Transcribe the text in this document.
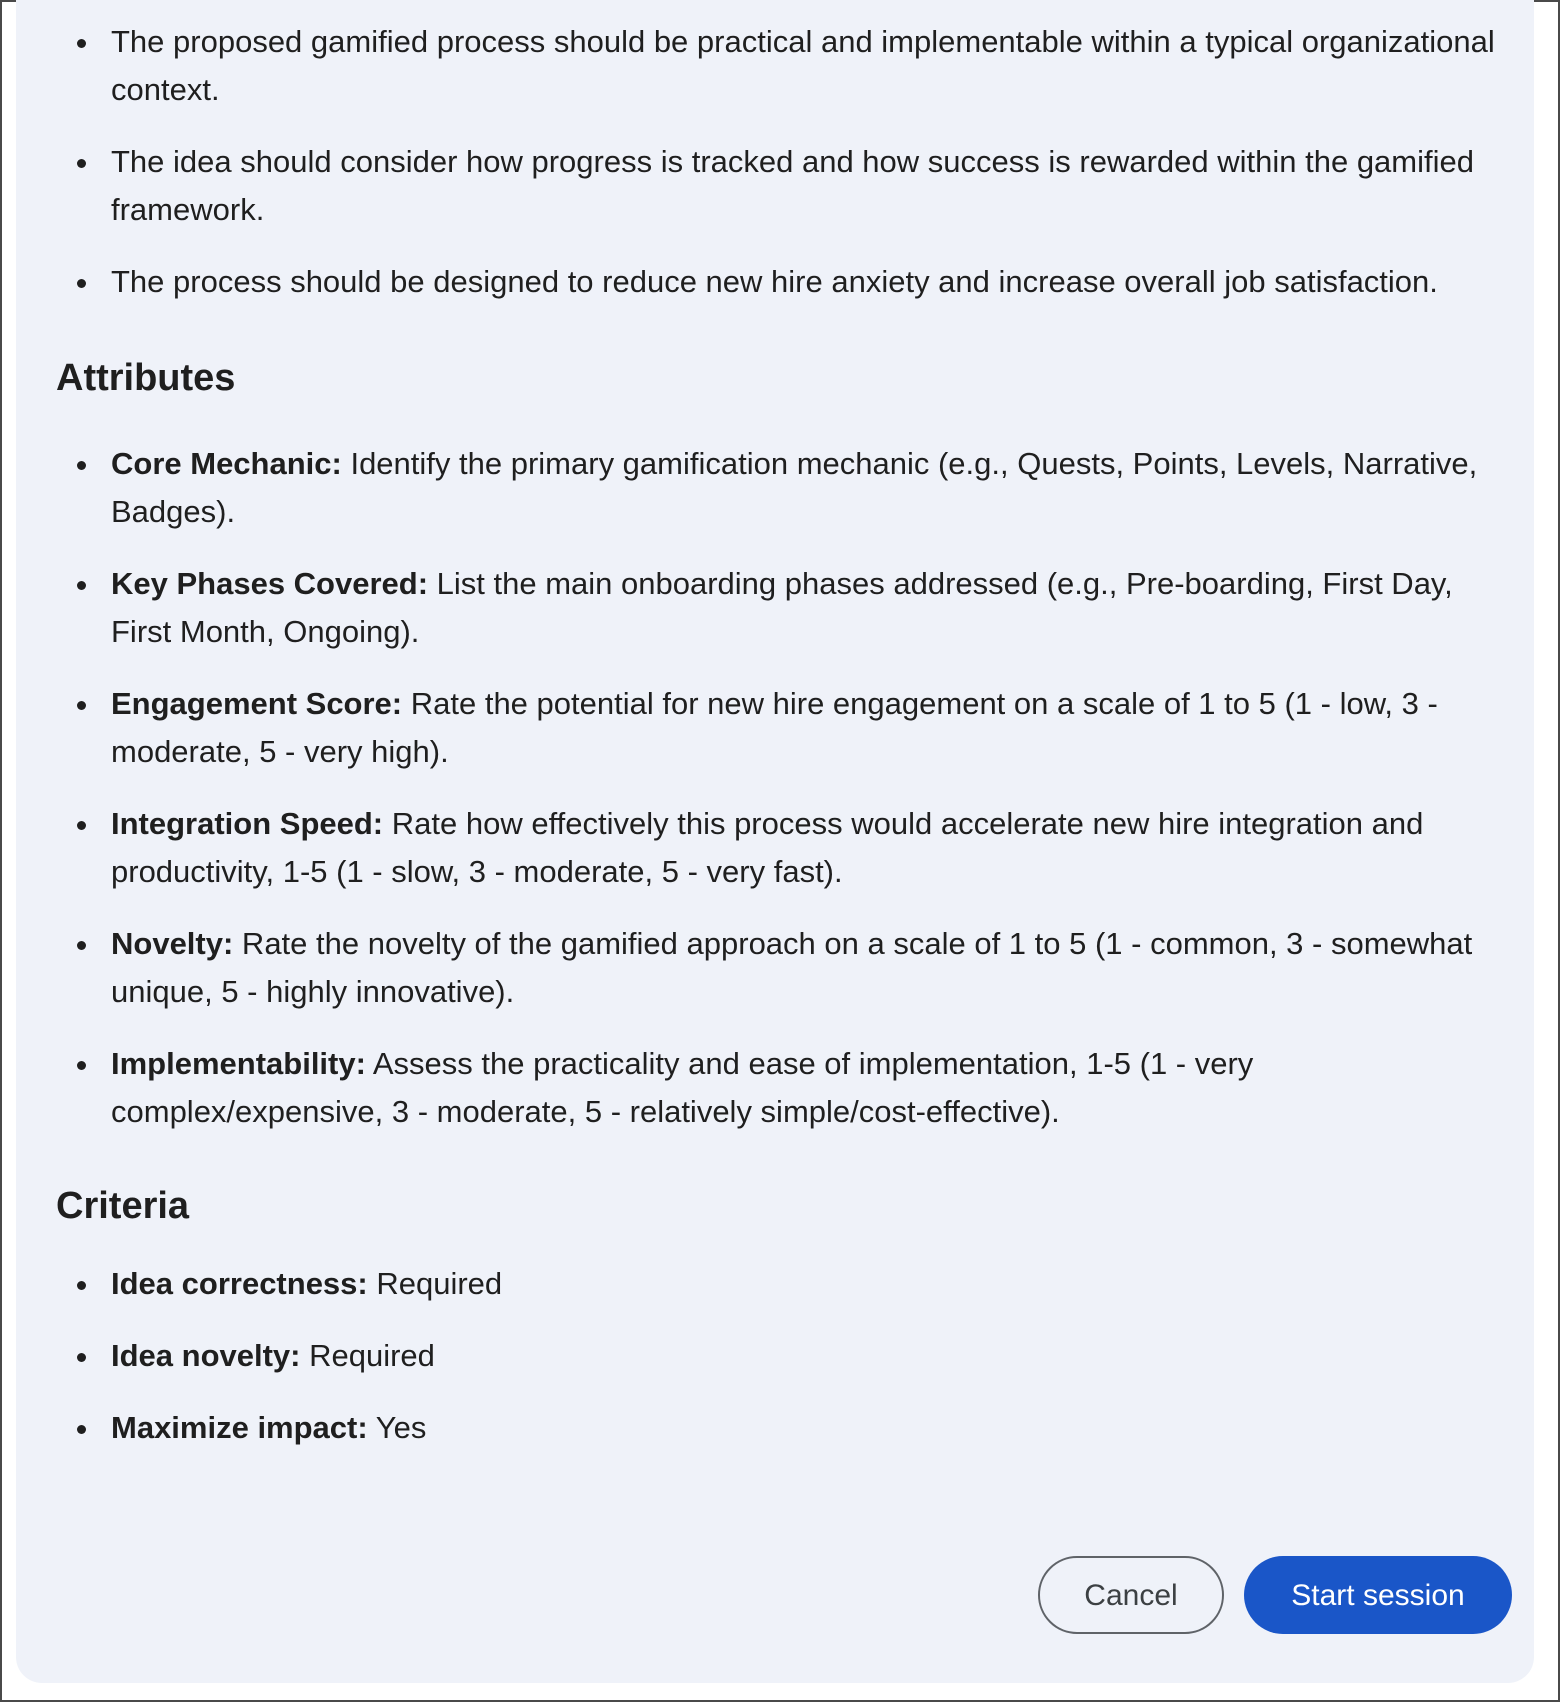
The proposed gamified process should be practical and implementable within a typical organizational context.
The idea should consider how progress is tracked and how success is rewarded within the gamified framework.
The process should be designed to reduce new hire anxiety and increase overall job satisfaction.
Attributes
Core Mechanic: Identify the primary gamification mechanic (e.g., Quests, Points, Levels, Narrative, Badges).
Key Phases Covered: List the main onboarding phases addressed (e.g., Pre-boarding, First Day, First Month, Ongoing).
Engagement Score: Rate the potential for new hire engagement on a scale of 1 to 5 (1 - low, 3 - moderate, 5 - very high).
Integration Speed: Rate how effectively this process would accelerate new hire integration and productivity, 1-5 (1 - slow, 3 - moderate, 5 - very fast).
Novelty: Rate the novelty of the gamified approach on a scale of 1 to 5 (1 - common, 3 - somewhat unique, 5 - highly innovative).
Implementability: Assess the practicality and ease of implementation, 1-5 (1 - very complex/expensive, 3 - moderate, 5 - relatively simple/cost-effective).
Criteria
Idea correctness: Required
Idea novelty: Required
Maximize impact: Yes
Cancel	Start session
